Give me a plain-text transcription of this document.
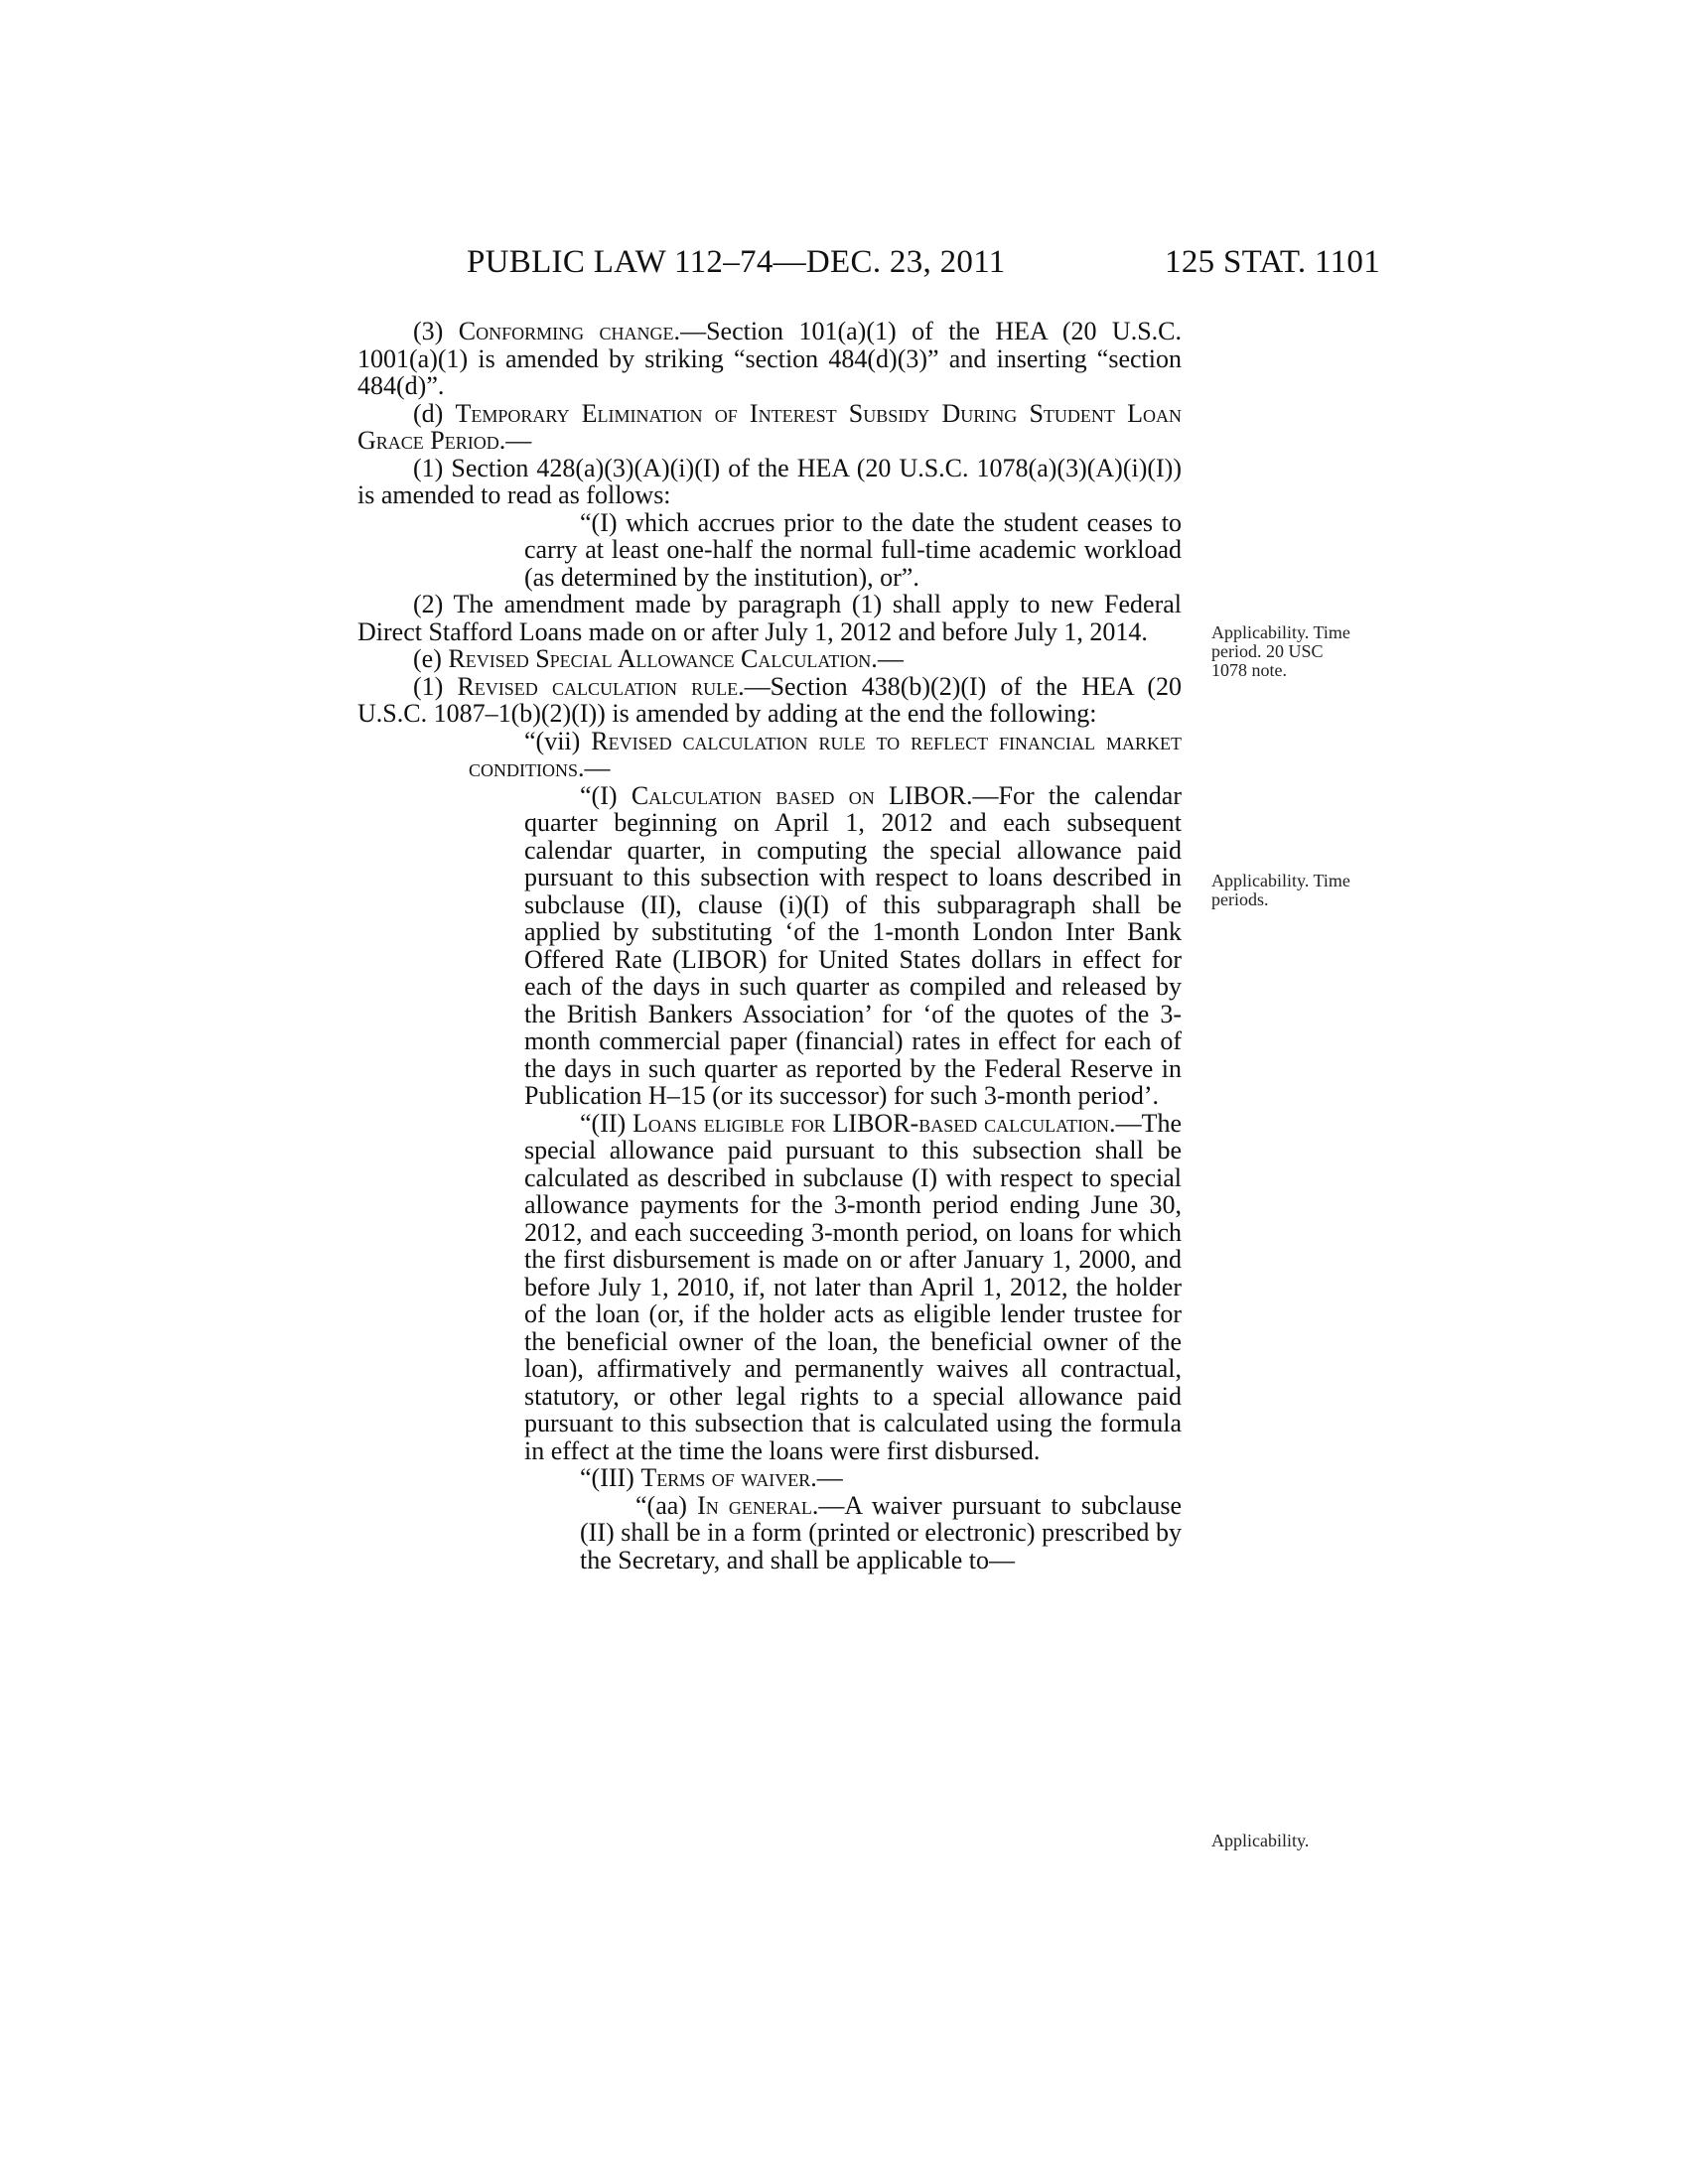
PUBLIC LAW 112–74—DEC. 23, 2011	125 STAT. 1101

(3) Conforming change.—Section 101(a)(1) of the HEA (20 U.S.C. 1001(a)(1) is amended by striking “section 484(d)(3)” and inserting “section 484(d)”.

(d) Temporary Elimination of Interest Subsidy During Student Loan Grace Period.—

(1) Section 428(a)(3)(A)(i)(I) of the HEA (20 U.S.C. 1078(a)(3)(A)(i)(I)) is amended to read as follows:

“(I) which accrues prior to the date the student ceases to carry at least one-half the normal full-time academic workload (as determined by the institution), or”.

(2) The amendment made by paragraph (1) shall apply to new Federal Direct Stafford Loans made on or after July 1, 2012 and before July 1, 2014.

(e) Revised Special Allowance Calculation.—

(1) Revised calculation rule.—Section 438(b)(2)(I) of the HEA (20 U.S.C. 1087–1(b)(2)(I)) is amended by adding at the end the following:

“(vii) Revised calculation rule to reflect financial market conditions.—

“(I) Calculation based on LIBOR.—For the calendar quarter beginning on April 1, 2012 and each subsequent calendar quarter, in computing the special allowance paid pursuant to this subsection with respect to loans described in subclause (II), clause (i)(I) of this subparagraph shall be applied by substituting ‘of the 1-month London Inter Bank Offered Rate (LIBOR) for United States dollars in effect for each of the days in such quarter as compiled and released by the British Bankers Association’ for ‘of the quotes of the 3-month commercial paper (financial) rates in effect for each of the days in such quarter as reported by the Federal Reserve in Publication H–15 (or its successor) for such 3-month period’.

“(II) Loans eligible for LIBOR-based calculation.—The special allowance paid pursuant to this subsection shall be calculated as described in subclause (I) with respect to special allowance payments for the 3-month period ending June 30, 2012, and each succeeding 3-month period, on loans for which the first disbursement is made on or after January 1, 2000, and before July 1, 2010, if, not later than April 1, 2012, the holder of the loan (or, if the holder acts as eligible lender trustee for the beneficial owner of the loan, the beneficial owner of the loan), affirmatively and permanently waives all contractual, statutory, or other legal rights to a special allowance paid pursuant to this subsection that is calculated using the formula in effect at the time the loans were first disbursed.

“(III) Terms of waiver.—

“(aa) In general.—A waiver pursuant to subclause (II) shall be in a form (printed or electronic) prescribed by the Secretary, and shall be applicable to—

Applicability. Time period. 20 USC 1078 note.
Applicability. Time periods.
Applicability.
